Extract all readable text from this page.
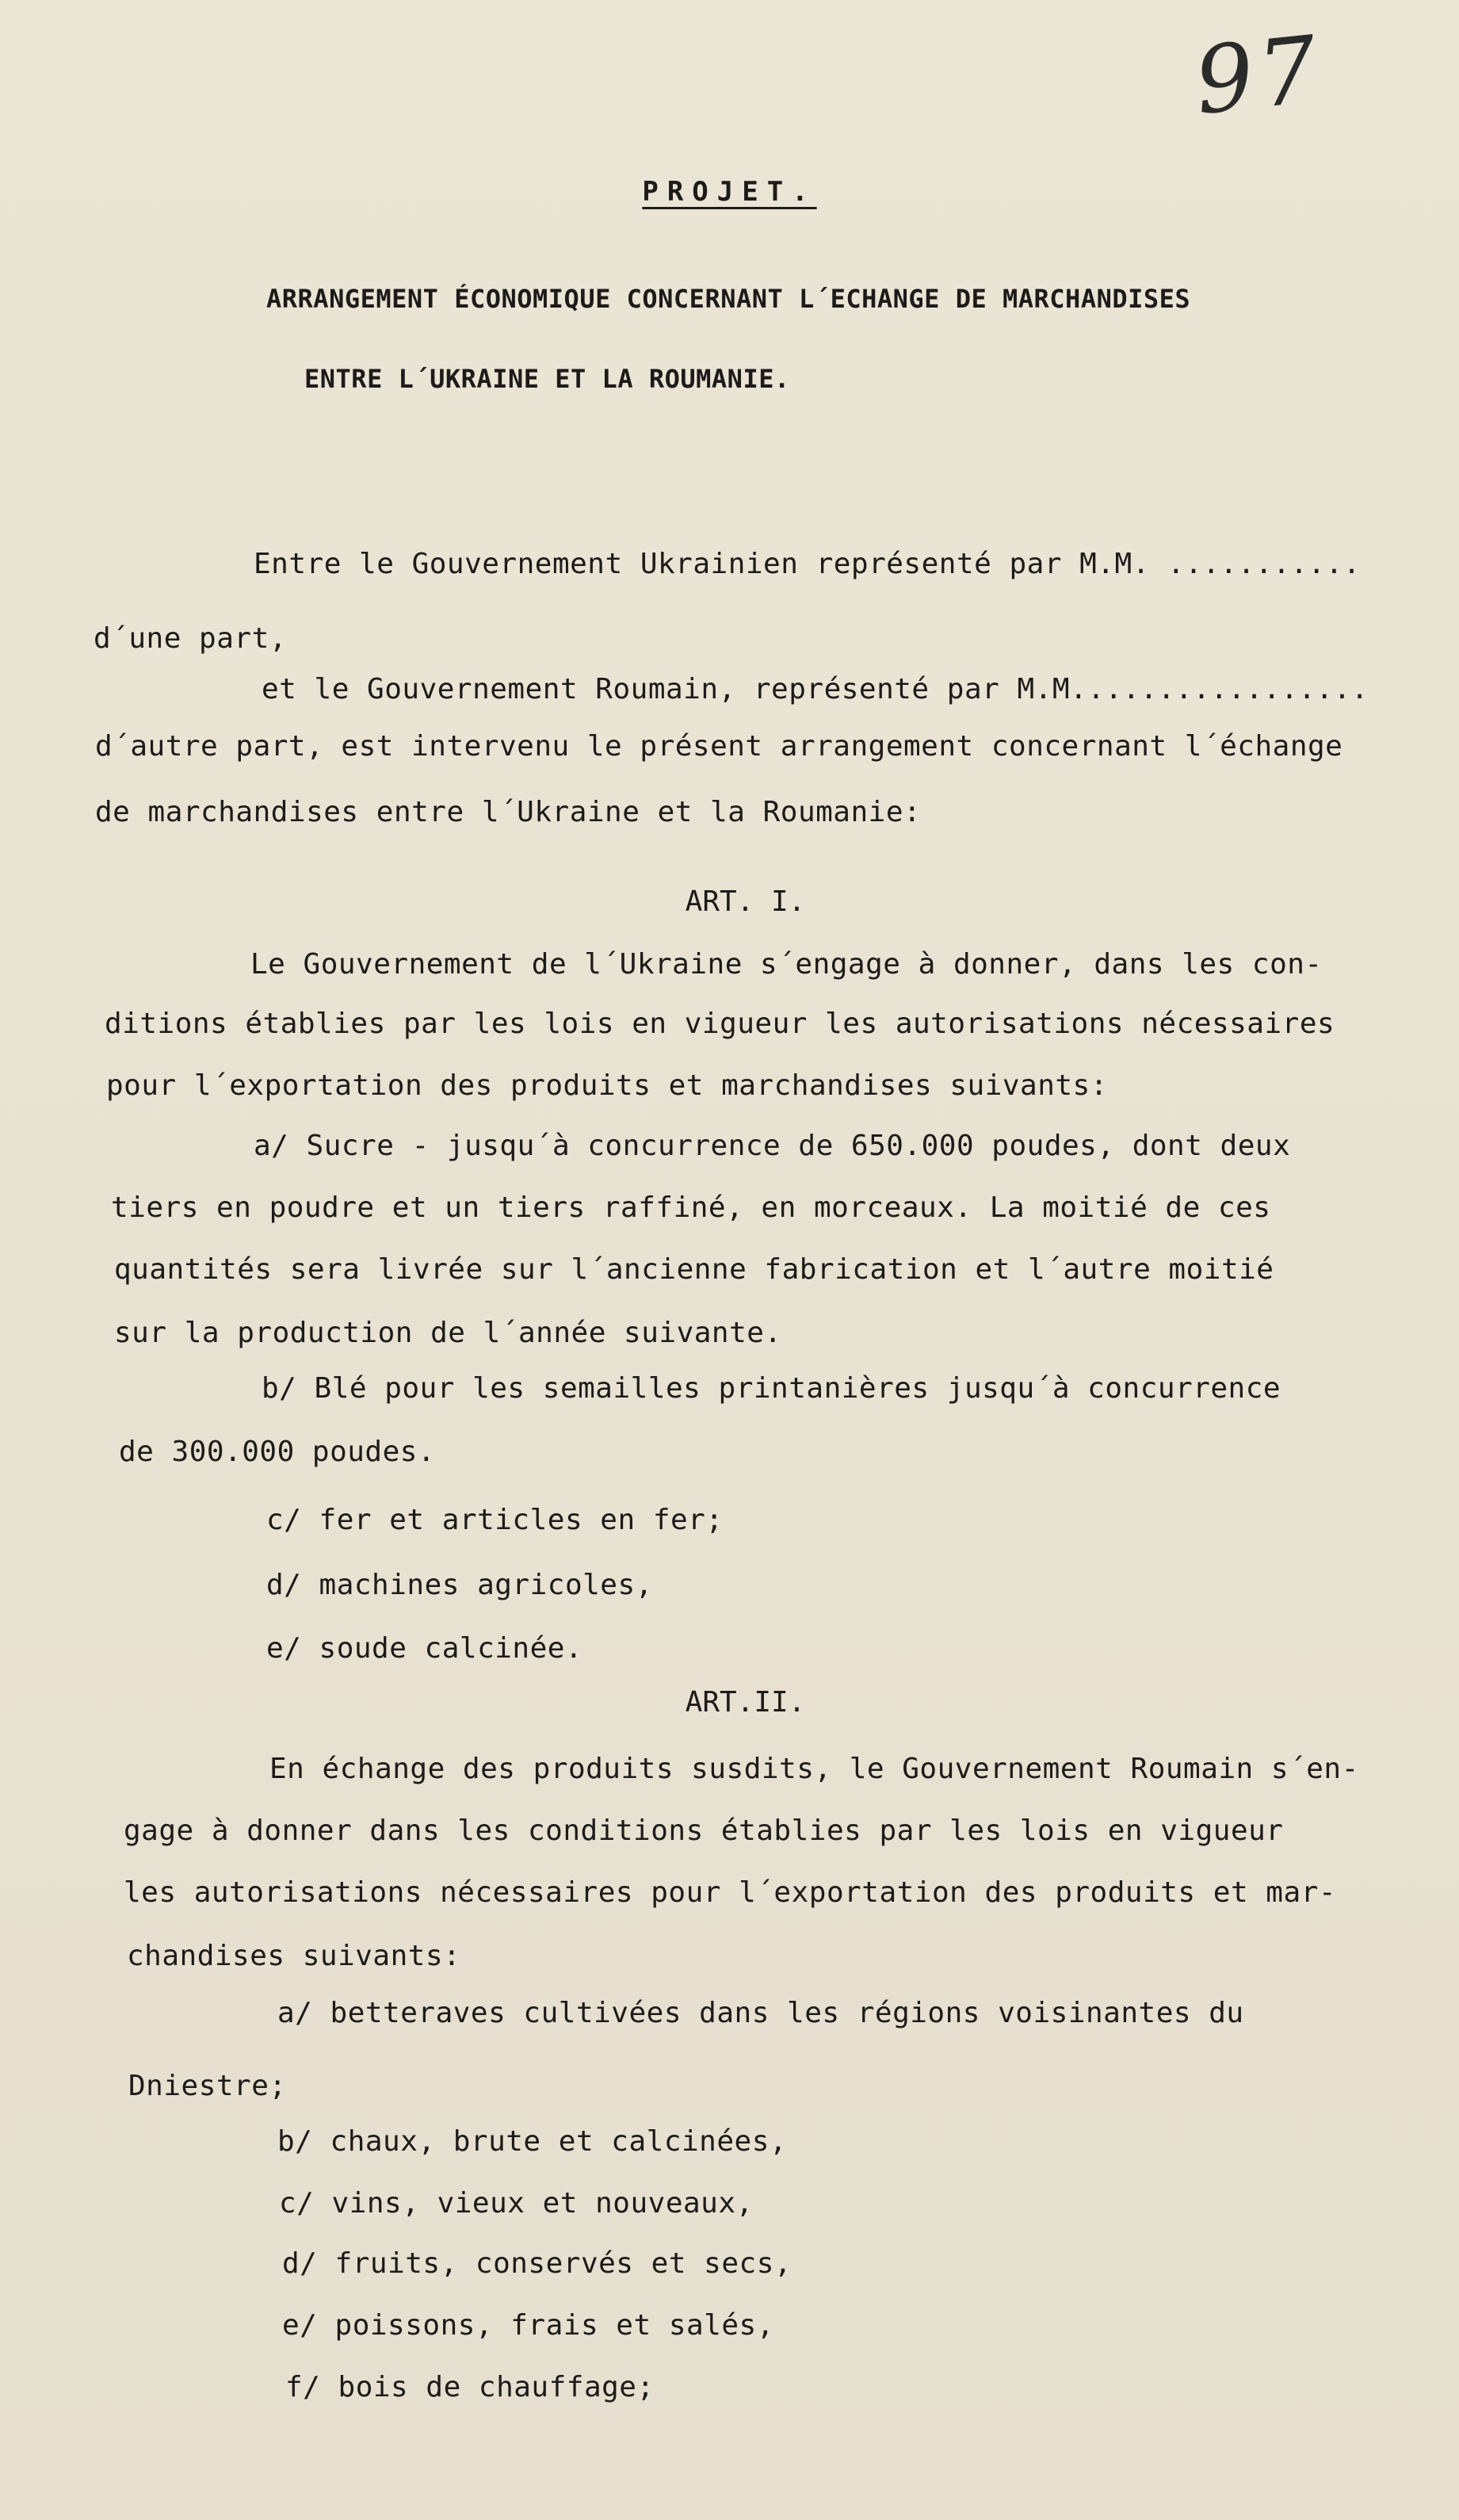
97
PROJET.
ARRANGEMENT ÉCONOMIQUE CONCERNANT L´ECHANGE DE MARCHANDISES
ENTRE L´UKRAINE ET LA ROUMANIE.
Entre le Gouvernement Ukrainien représenté par M.M. ...........
d´une part,
et le Gouvernement Roumain, représenté par M.M.................
d´autre part, est intervenu le présent arrangement concernant l´échange
de marchandises entre l´Ukraine et la Roumanie:
ART. I.
Le Gouvernement de l´Ukraine s´engage à donner, dans les con-
ditions établies par les lois en vigueur les autorisations nécessaires
pour l´exportation des produits et marchandises suivants:
a/ Sucre - jusqu´à concurrence de 650.000 poudes, dont deux
tiers en poudre et un tiers raffiné, en morceaux. La moitié de ces
quantités sera livrée sur l´ancienne fabrication et l´autre moitié
sur la production de l´année suivante.
b/ Blé pour les semailles printanières jusqu´à concurrence
de 300.000 poudes.
c/ fer et articles en fer;
d/ machines agricoles,
e/ soude calcinée.
ART.II.
En échange des produits susdits, le Gouvernement Roumain s´en-
gage à donner dans les conditions établies par les lois en vigueur
les autorisations nécessaires pour l´exportation des produits et mar-
chandises suivants:
a/ betteraves cultivées dans les régions voisinantes du
Dniestre;
b/ chaux, brute et calcinées,
c/ vins, vieux et nouveaux,
d/ fruits, conservés et secs,
e/ poissons, frais et salés,
f/ bois de chauffage;
